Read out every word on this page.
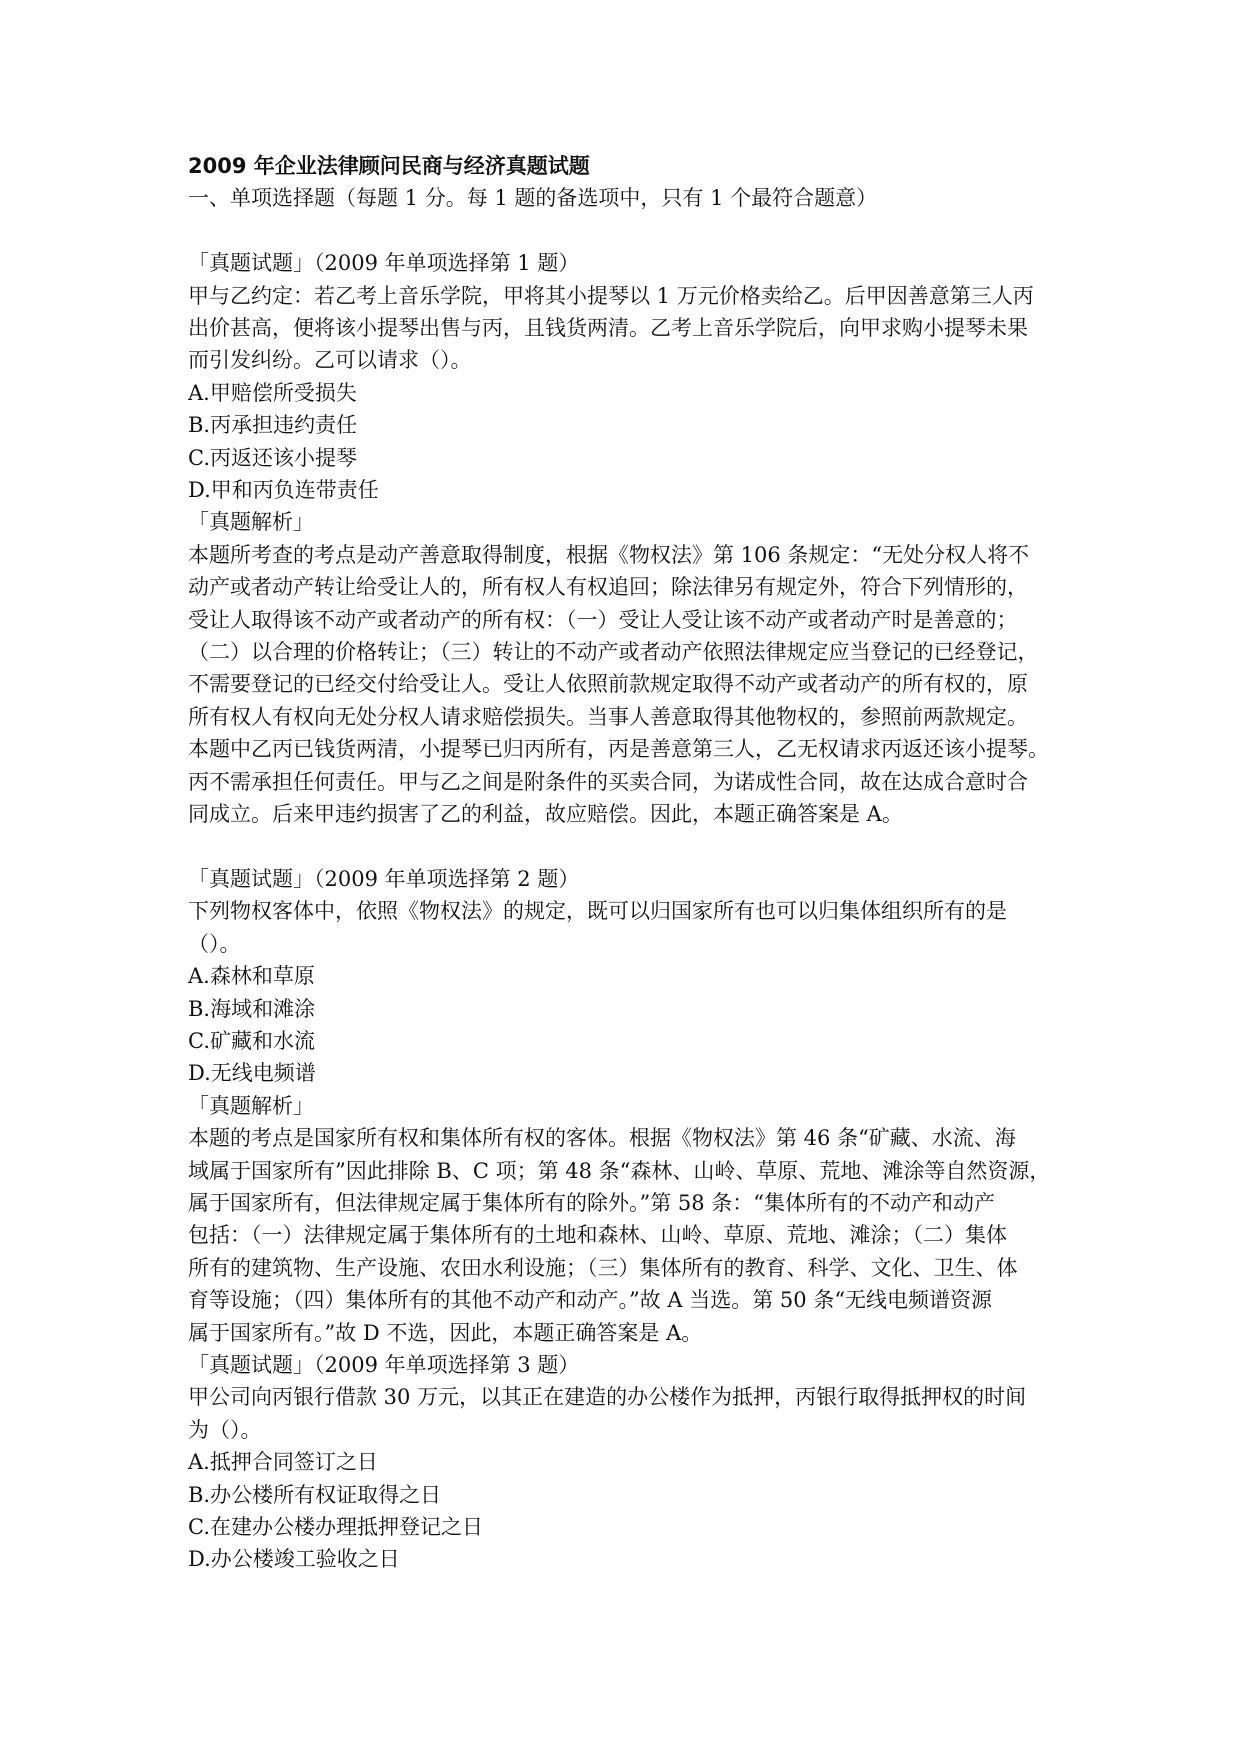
2009 年企业法律顾问民商与经济真题试题
一、单项选择题（每题 1 分。每 1 题的备选项中，只有 1 个最符合题意）
「真题试题」（2009 年单项选择第 1 题）
甲与乙约定：若乙考上音乐学院，甲将其小提琴以 1 万元价格卖给乙。后甲因善意第三人丙
出价甚高，便将该小提琴出售与丙，且钱货两清。乙考上音乐学院后，向甲求购小提琴未果
而引发纠纷。乙可以请求（）。
A.甲赔偿所受损失
B.丙承担违约责任
C.丙返还该小提琴
D.甲和丙负连带责任
「真题解析」
本题所考查的考点是动产善意取得制度，根据《物权法》第 106 条规定：“无处分权人将不
动产或者动产转让给受让人的，所有权人有权追回；除法律另有规定外，符合下列情形的，
受让人取得该不动产或者动产的所有权：（一）受让人受让该不动产或者动产时是善意的；
（二）以合理的价格转让；（三）转让的不动产或者动产依照法律规定应当登记的已经登记，
不需要登记的已经交付给受让人。受让人依照前款规定取得不动产或者动产的所有权的，原
所有权人有权向无处分权人请求赔偿损失。当事人善意取得其他物权的，参照前两款规定。
本题中乙丙已钱货两清，小提琴已归丙所有，丙是善意第三人，乙无权请求丙返还该小提琴。
丙不需承担任何责任。甲与乙之间是附条件的买卖合同，为诺成性合同，故在达成合意时合
同成立。后来甲违约损害了乙的利益，故应赔偿。因此，本题正确答案是 A。
「真题试题」（2009 年单项选择第 2 题）
下列物权客体中，依照《物权法》的规定，既可以归国家所有也可以归集体组织所有的是
（）。
A.森林和草原
B.海域和滩涂
C.矿藏和水流
D.无线电频谱
「真题解析」
本题的考点是国家所有权和集体所有权的客体。根据《物权法》第 46 条“矿藏、水流、海
域属于国家所有”因此排除 B、C 项；第 48 条“森林、山岭、草原、荒地、滩涂等自然资源，
属于国家所有，但法律规定属于集体所有的除外。”第 58 条：“集体所有的不动产和动产
包括：（一）法律规定属于集体所有的土地和森林、山岭、草原、荒地、滩涂；（二）集体
所有的建筑物、生产设施、农田水利设施；（三）集体所有的教育、科学、文化、卫生、体
育等设施；（四）集体所有的其他不动产和动产。”故 A 当选。第 50 条“无线电频谱资源
属于国家所有。”故 D 不选，因此，本题正确答案是 A。
「真题试题」（2009 年单项选择第 3 题）
甲公司向丙银行借款 30 万元，以其正在建造的办公楼作为抵押，丙银行取得抵押权的时间
为（）。
A.抵押合同签订之日
B.办公楼所有权证取得之日
C.在建办公楼办理抵押登记之日
D.办公楼竣工验收之日
